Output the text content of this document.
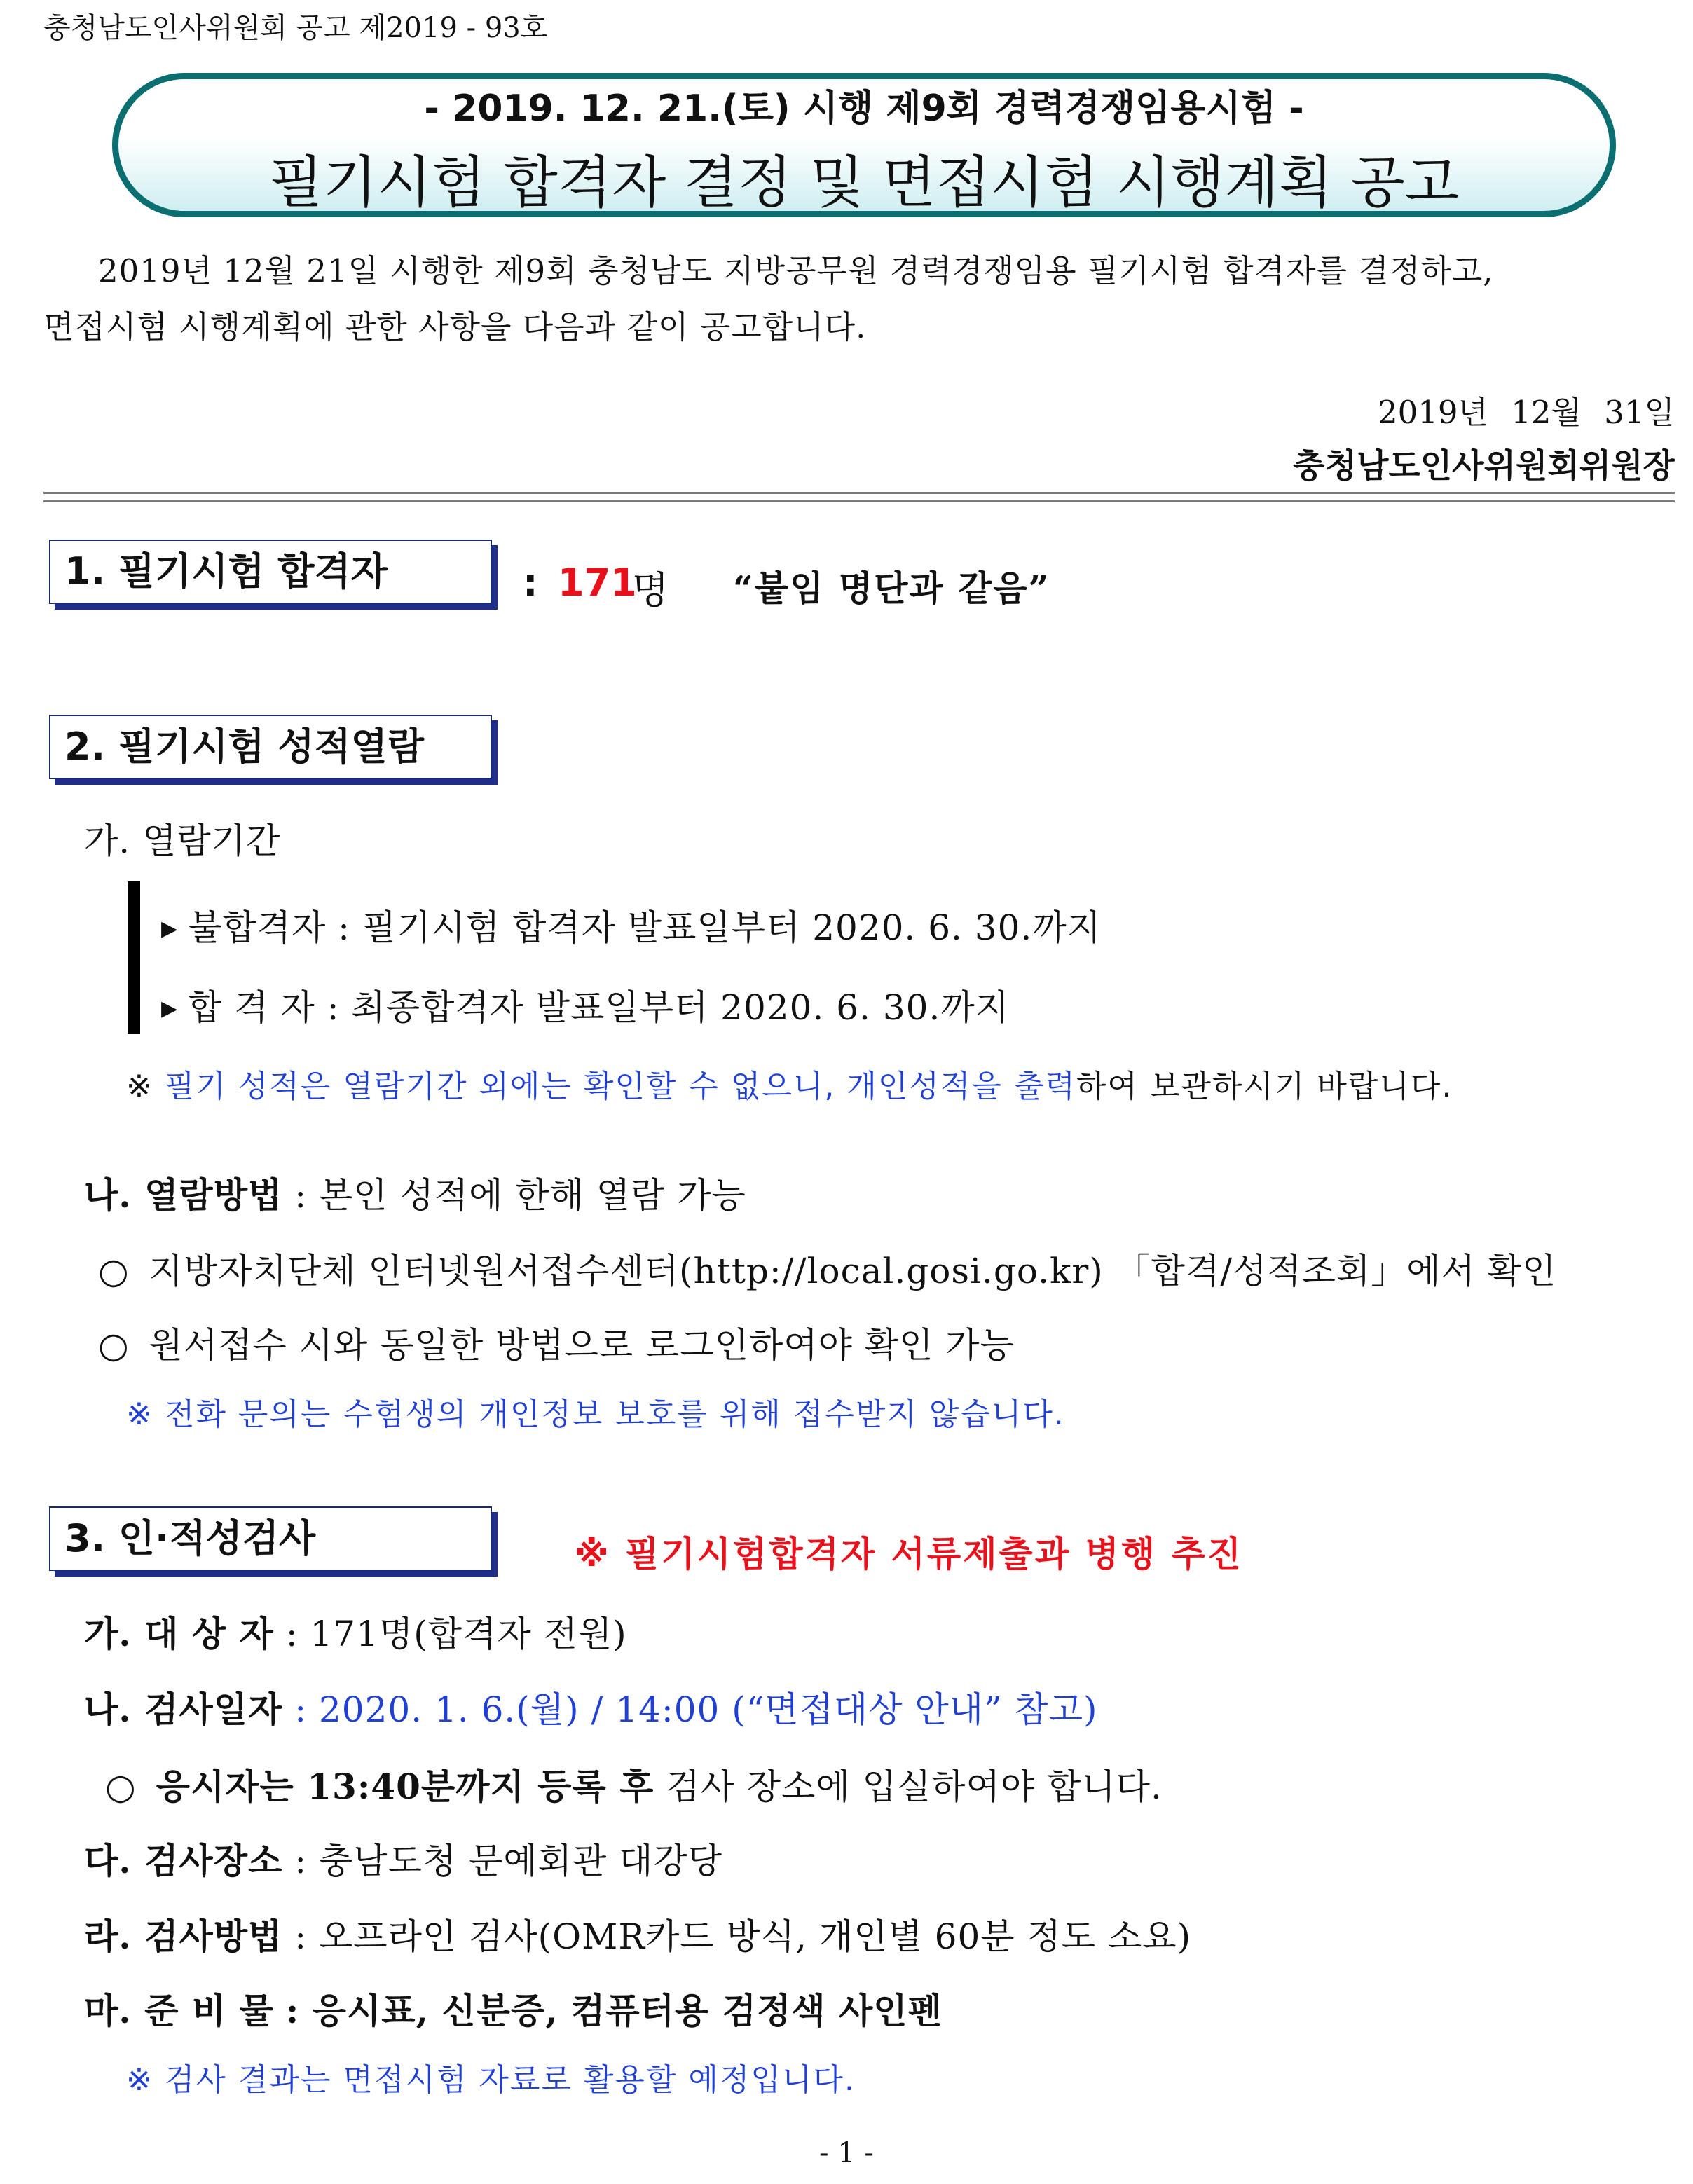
충청남도인사위원회 공고 제2019 - 93호
- 2019. 12. 21.(토) 시행 제9회 경력경쟁임용시험 -
필기시험 합격자 결정 및 면접시험 시행계획 공고
2019년 12월 21일 시행한 제9회 충청남도 지방공무원 경력경쟁임용 필기시험 합격자를 결정하고,
면접시험 시행계획에 관한 사항을 다음과 같이 공고합니다.
2019년 12월 31일
충청남도인사위원회위원장
1. 필기시험 합격자	: 171
명 “붙임 명단과 같음”
2. 필기시험 성적열람
가. 열람기간
▶ 불합격자 : 필기시험 합격자 발표일부터 2020. 6. 30.까지
▶ 합 격 자 : 최종합격자 발표일부터 2020. 6. 30.까지
※ 필기 성적은 열람기간 외에는 확인할 수 없으니, 개인성적을 출력하여 보관하시기 바랍니다.
나. 열람방법 : 본인 성적에 한해 열람 가능
○ 지방자치단체 인터넷원서접수센터(http://local.gosi.go.kr) 「합격/성적조회」에서 확인
○ 원서접수 시와 동일한 방법으로 로그인하여야 확인 가능
※ 전화 문의는 수험생의 개인정보 보호를 위해 접수받지 않습니다.
3. 인·적성검사	※ 필기시험합격자 서류제출과 병행 추진
가. 대 상 자 : 171명(합격자 전원)
나. 검사일자 : 2020. 1. 6.(월) / 14:00 (“면접대상 안내” 참고)
○ 응시자는 13:40분까지 등록 후 검사 장소에 입실하여야 합니다.
다. 검사장소 : 충남도청 문예회관 대강당
라. 검사방법 : 오프라인 검사(OMR카드 방식, 개인별 60분 정도 소요)
마. 준 비 물 : 응시표, 신분증, 컴퓨터용 검정색 사인펜
※ 검사 결과는 면접시험 자료로 활용할 예정입니다.
- 1 -
